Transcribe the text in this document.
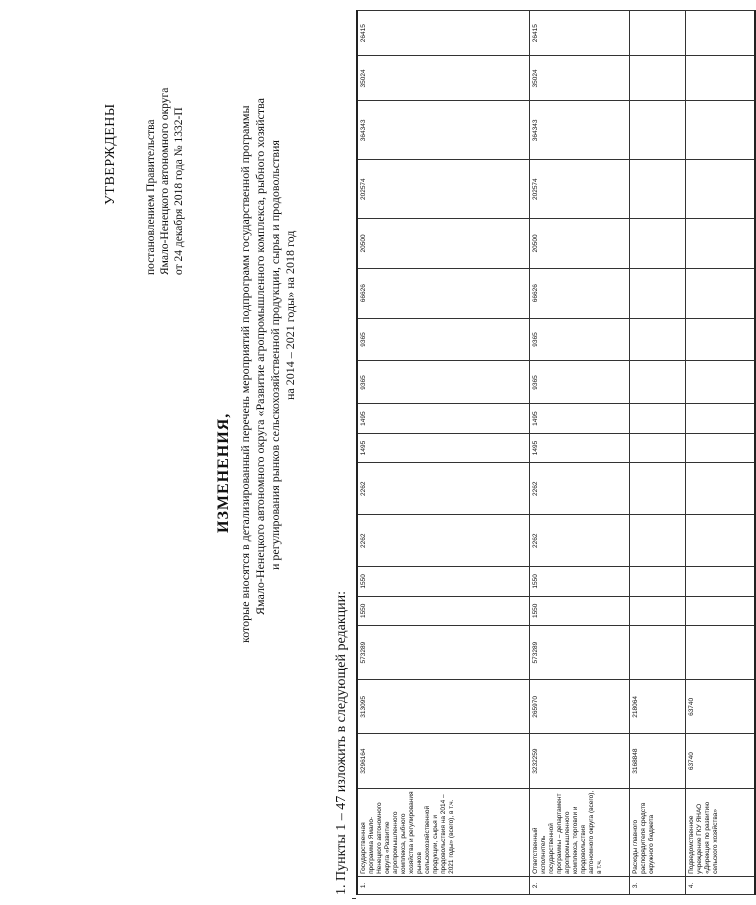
УТВЕРЖДЕНЫ постановлением Правительства Ямало-Ненецкого автономного округа от 24 декабря 2018 года № 1332-П
ИЗМЕНЕНИЯ, которые вносятся в детализированный перечень мероприятий подпрограмм государственной программы Ямало-Ненецкого автономного округа «Развитие агропромышленного комплекса, рыбного хозяйства и регулирования рынков сельскохозяйственной продукции, сырья и продовольствия на 2014 – 2021 годы» на 2018 год
1. Пункты 1 – 47 изложить в следующей редакции: 1.	Государственная программа Ямало-Ненецкого автономного округа «Развитие агропромышленного комплекса, рыбного хозяйства и регулирования рынков сельскохозяйственной продукции, сырья и продовольствия на 2014 – 2021 годы» (всего), в т.ч.	3296164	313095	573289	1550	1550	2262	2262	1495	1495	9365	9365	66626	20500	202574	364343	35024	26415
2.	Ответственный исполнитель государственной программы – департамент агропромышленного комплекса, торговли и продовольствия автономного округа (всего), в т.ч.	3232259	265970	573289	1550	1550	2262	2262	1495	1495	9365	9365	66626	20500	202574	364343	35024	26415
3.	Расходы главного распорядителя средств окружного бюджета	3168848	218064															
4.	Подведомственное учреждение ГКУ ЯНАО «Дирекция по развитию сельского хозяйства»	63740	63740															
